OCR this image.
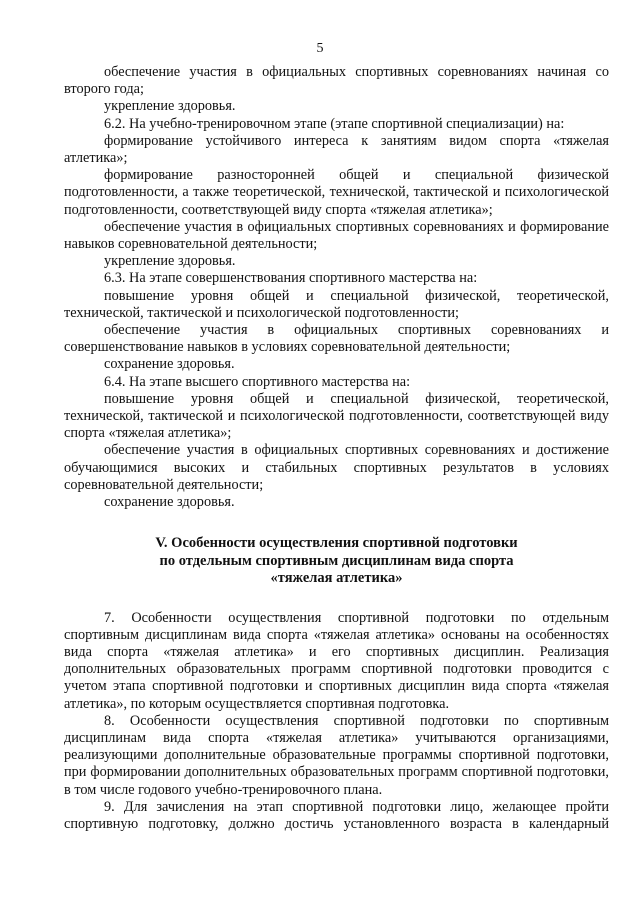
5

обеспечение участия в официальных спортивных соревнованиях начиная со второго года;

укрепление здоровья.

6.2. На учебно-тренировочном этапе (этапе спортивной специализации) на:

формирование устойчивого интереса к занятиям видом спорта «тяжелая атлетика»;

формирование разносторонней общей и специальной физической подготовленности, а также теоретической, технической, тактической и психологической подготовленности, соответствующей виду спорта «тяжелая атлетика»;

обеспечение участия в официальных спортивных соревнованиях и формирование навыков соревновательной деятельности;

укрепление здоровья.

6.3. На этапе совершенствования спортивного мастерства на:

повышение уровня общей и специальной физической, теоретической, технической, тактической и психологической подготовленности;

обеспечение участия в официальных спортивных соревнованиях и совершенствование навыков в условиях соревновательной деятельности;

сохранение здоровья.

6.4. На этапе высшего спортивного мастерства на:

повышение уровня общей и специальной физической, теоретической, технической, тактической и психологической подготовленности, соответствующей виду спорта «тяжелая атлетика»;

обеспечение участия в официальных спортивных соревнованиях и достижение обучающимися высоких и стабильных спортивных результатов в условиях соревновательной деятельности;

сохранение здоровья.

V. Особенности осуществления спортивной подготовки
по отдельным спортивным дисциплинам вида спорта
«тяжелая атлетика»

7. Особенности осуществления спортивной подготовки по отдельным спортивным дисциплинам вида спорта «тяжелая атлетика» основаны на особенностях вида спорта «тяжелая атлетика» и его спортивных дисциплин. Реализация дополнительных образовательных программ спортивной подготовки проводится с учетом этапа спортивной подготовки и спортивных дисциплин вида спорта «тяжелая атлетика», по которым осуществляется спортивная подготовка.

8. Особенности осуществления спортивной подготовки по спортивным дисциплинам вида спорта «тяжелая атлетика» учитываются организациями, реализующими дополнительные образовательные программы спортивной подготовки, при формировании дополнительных образовательных программ спортивной подготовки, в том числе годового учебно-тренировочного плана.

9. Для зачисления на этап спортивной подготовки лицо, желающее пройти спортивную подготовку, должно достичь установленного возраста в календарный
